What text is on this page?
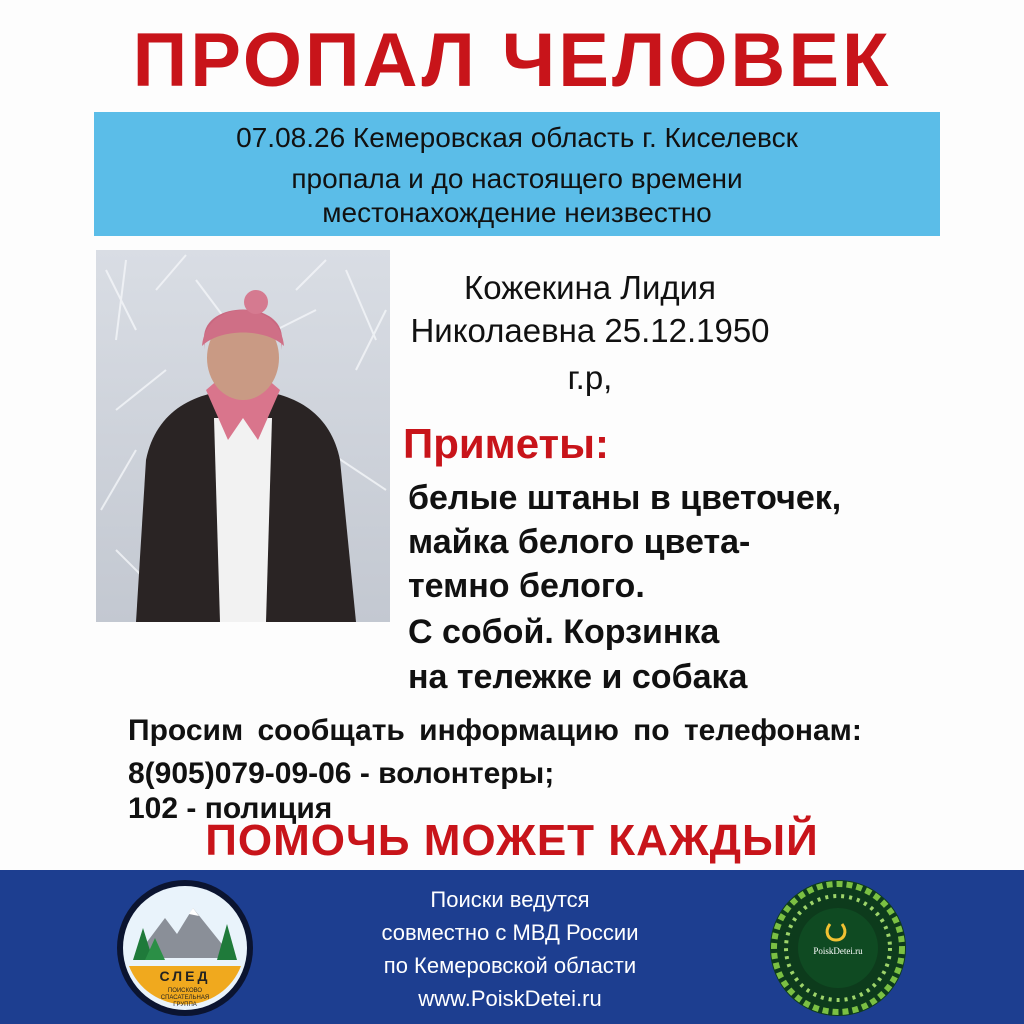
ПРОПАЛ ЧЕЛОВЕК
07.08.26 Кемеровская область г. Киселевск
пропала и до настоящего времени
местонахождение неизвестно
Кожекина Лидия
Николаевна 25.12.1950
г.р,
Приметы:
белые штаны в цветочек,
майка белого цвета-
темно белого.
С собой. Корзинка
на тележке и собака
Просим сообщать информацию по телефонам:
8(905)079-09-06 - волонтеры;
102 - полиция
ПОМОЧЬ МОЖЕТ КАЖДЫЙ
СЛЕД
ПОИСКОВО
СПАСАТЕЛЬНАЯ
ГРУППА
Поиски ведутся
совместно с МВД России
по Кемеровской области
www.PoiskDetei.ru
PoiskDetei.ru
